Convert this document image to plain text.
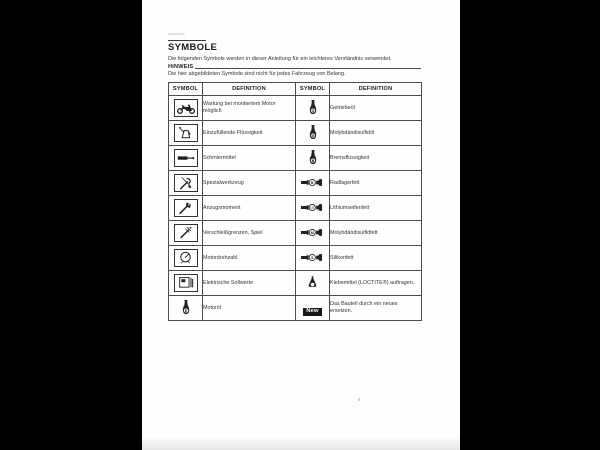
GAS20070
SYMBOLE

Die folgenden Symbole werden in dieser Anleitung für ein leichteres Verständnis verwendet.

HINWEIS

Die hier abgebildeten Symbole sind nicht für jedes Fahrzeug von Belang.

SYMBOL	DEFINITION	SYMBOL	DEFINITION

	Wartung bei montiertem Motor möglich	G	Getriebeöl

	Einzufüllende Flüssigkeit	M	Molybdändisulfidöl

	Schmiermittel	B	Bremsflüssigkeit

	Spezialwerkzeug	B	Radlagerfett

	Anzugsmoment	LS	Lithiumseifenfett

	Verschleißgrenzen, Spiel	M	Molybdändisulfidfett

	Motordrehzahl	S	Silikonfett

	Elektrische Sollwerte		Klebemittel (LOCTITE®) auftragen.

E	Motoröl	New	Das Bauteil durch ein neues ersetzen.
